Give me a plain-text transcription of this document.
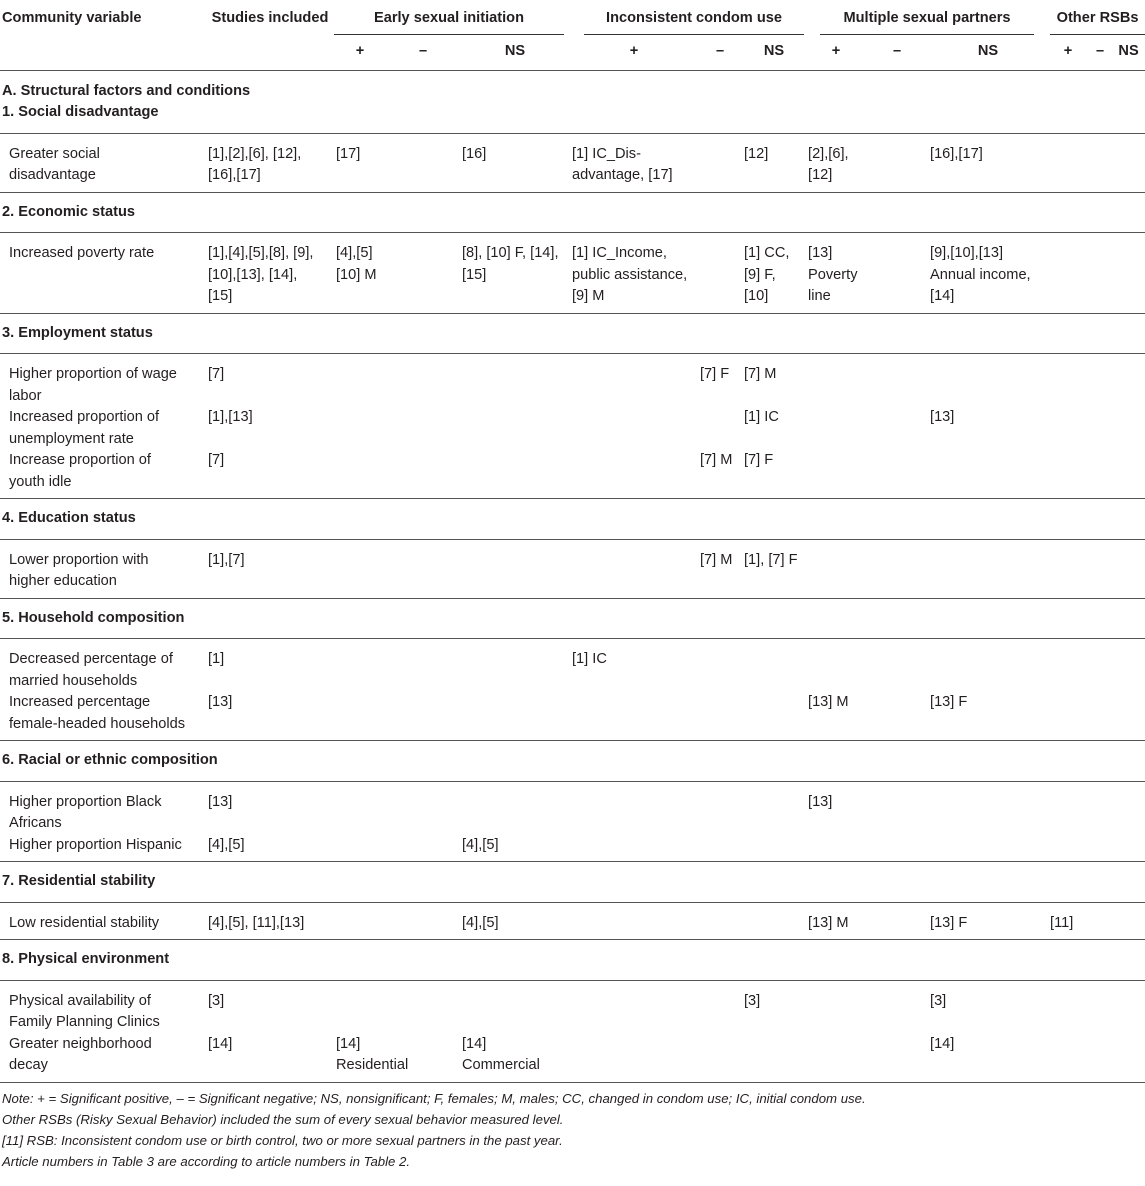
Community variable	Studies included	Early sexual initiation			Inconsistent condom use			Multiple sexual partners			Other RSBs		

		+	–	NS	+	–	NS	+	–	NS	+	–	NS
A. Structural factors and conditions													
1. Social disadvantage													
Greater social disadvantage	[1],[2],[6], [12],[16],[17]	[17]		[16]	[1] IC_Dis-advantage, [17]		[12]	[2],[6],[12]		[16],[17]			
2. Economic status													
Increased poverty rate	[1],[4],[5],[8], [9],[10],[13], [14],[15]	[4],[5] [10] M		[8], [10] F, [14],[15]	[1] IC_Income, public assistance, [9] M		[1] CC, [9] F, [10]	[13] Poverty line		[9],[10],[13] Annual income, [14]			
3. Employment status													
Higher proportion of wage labor	[7]					[7] F	[7] M						
Increased proportion of unemployment rate	[1],[13]						[1] IC			[13]			
Increase proportion of youth idle	[7]					[7] M	[7] F						
4. Education status													
Lower proportion with higher education	[1],[7]					[7] M	[1], [7] F						
5. Household composition													
Decreased percentage of married households	[1]				[1] IC								
Increased percentage female-headed households	[13]							[13] M		[13] F			
6. Racial or ethnic composition													
Higher proportion Black Africans	[13]							[13]					
Higher proportion Hispanic	[4],[5]			[4],[5]									
7. Residential stability													
Low residential stability	[4],[5], [11],[13]			[4],[5]				[13] M		[13] F	[11]		
8. Physical environment													
Physical availability of Family Planning Clinics	[3]						[3]			[3]			
Greater neighborhood decay	[14]	[14] Residential		[14] Commercial						[14]			
Note: + = Significant positive, – = Significant negative; NS, nonsignificant; F, females; M, males; CC, changed in condom use; IC, initial condom use.
Other RSBs (Risky Sexual Behavior) included the sum of every sexual behavior measured level.
[11] RSB: Inconsistent condom use or birth control, two or more sexual partners in the past year.
Article numbers in Table 3 are according to article numbers in Table 2.
